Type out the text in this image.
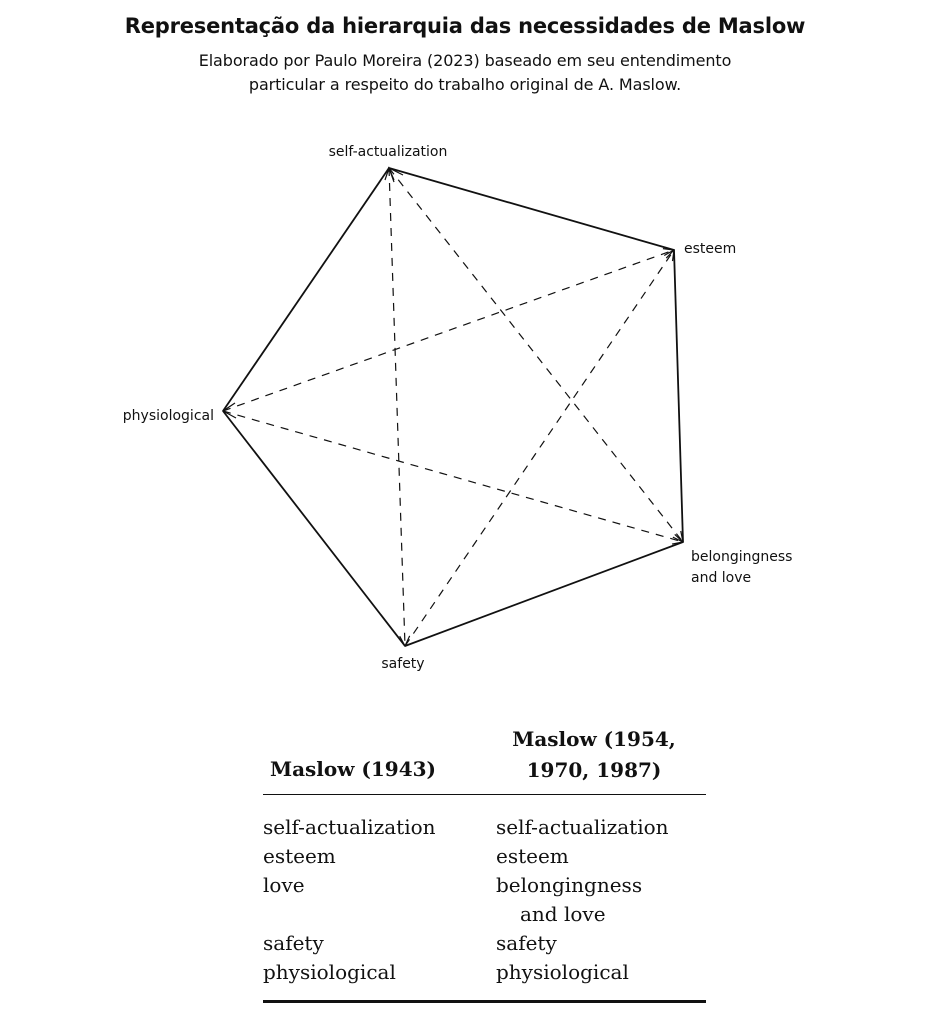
Representação da hierarquia das necessidades de Maslow
Elaborado por Paulo Moreira (2023) baseado em seu entendimento
particular a respeito do trabalho original de A. Maslow.
self-actualization
esteem
physiological
belongingness
and love
safety
Maslow (1943)
Maslow (1954,
1970, 1987)
self-actualization
esteem
love

safety
physiological
self-actualization
esteem
belongingness
and love
safety
physiological
